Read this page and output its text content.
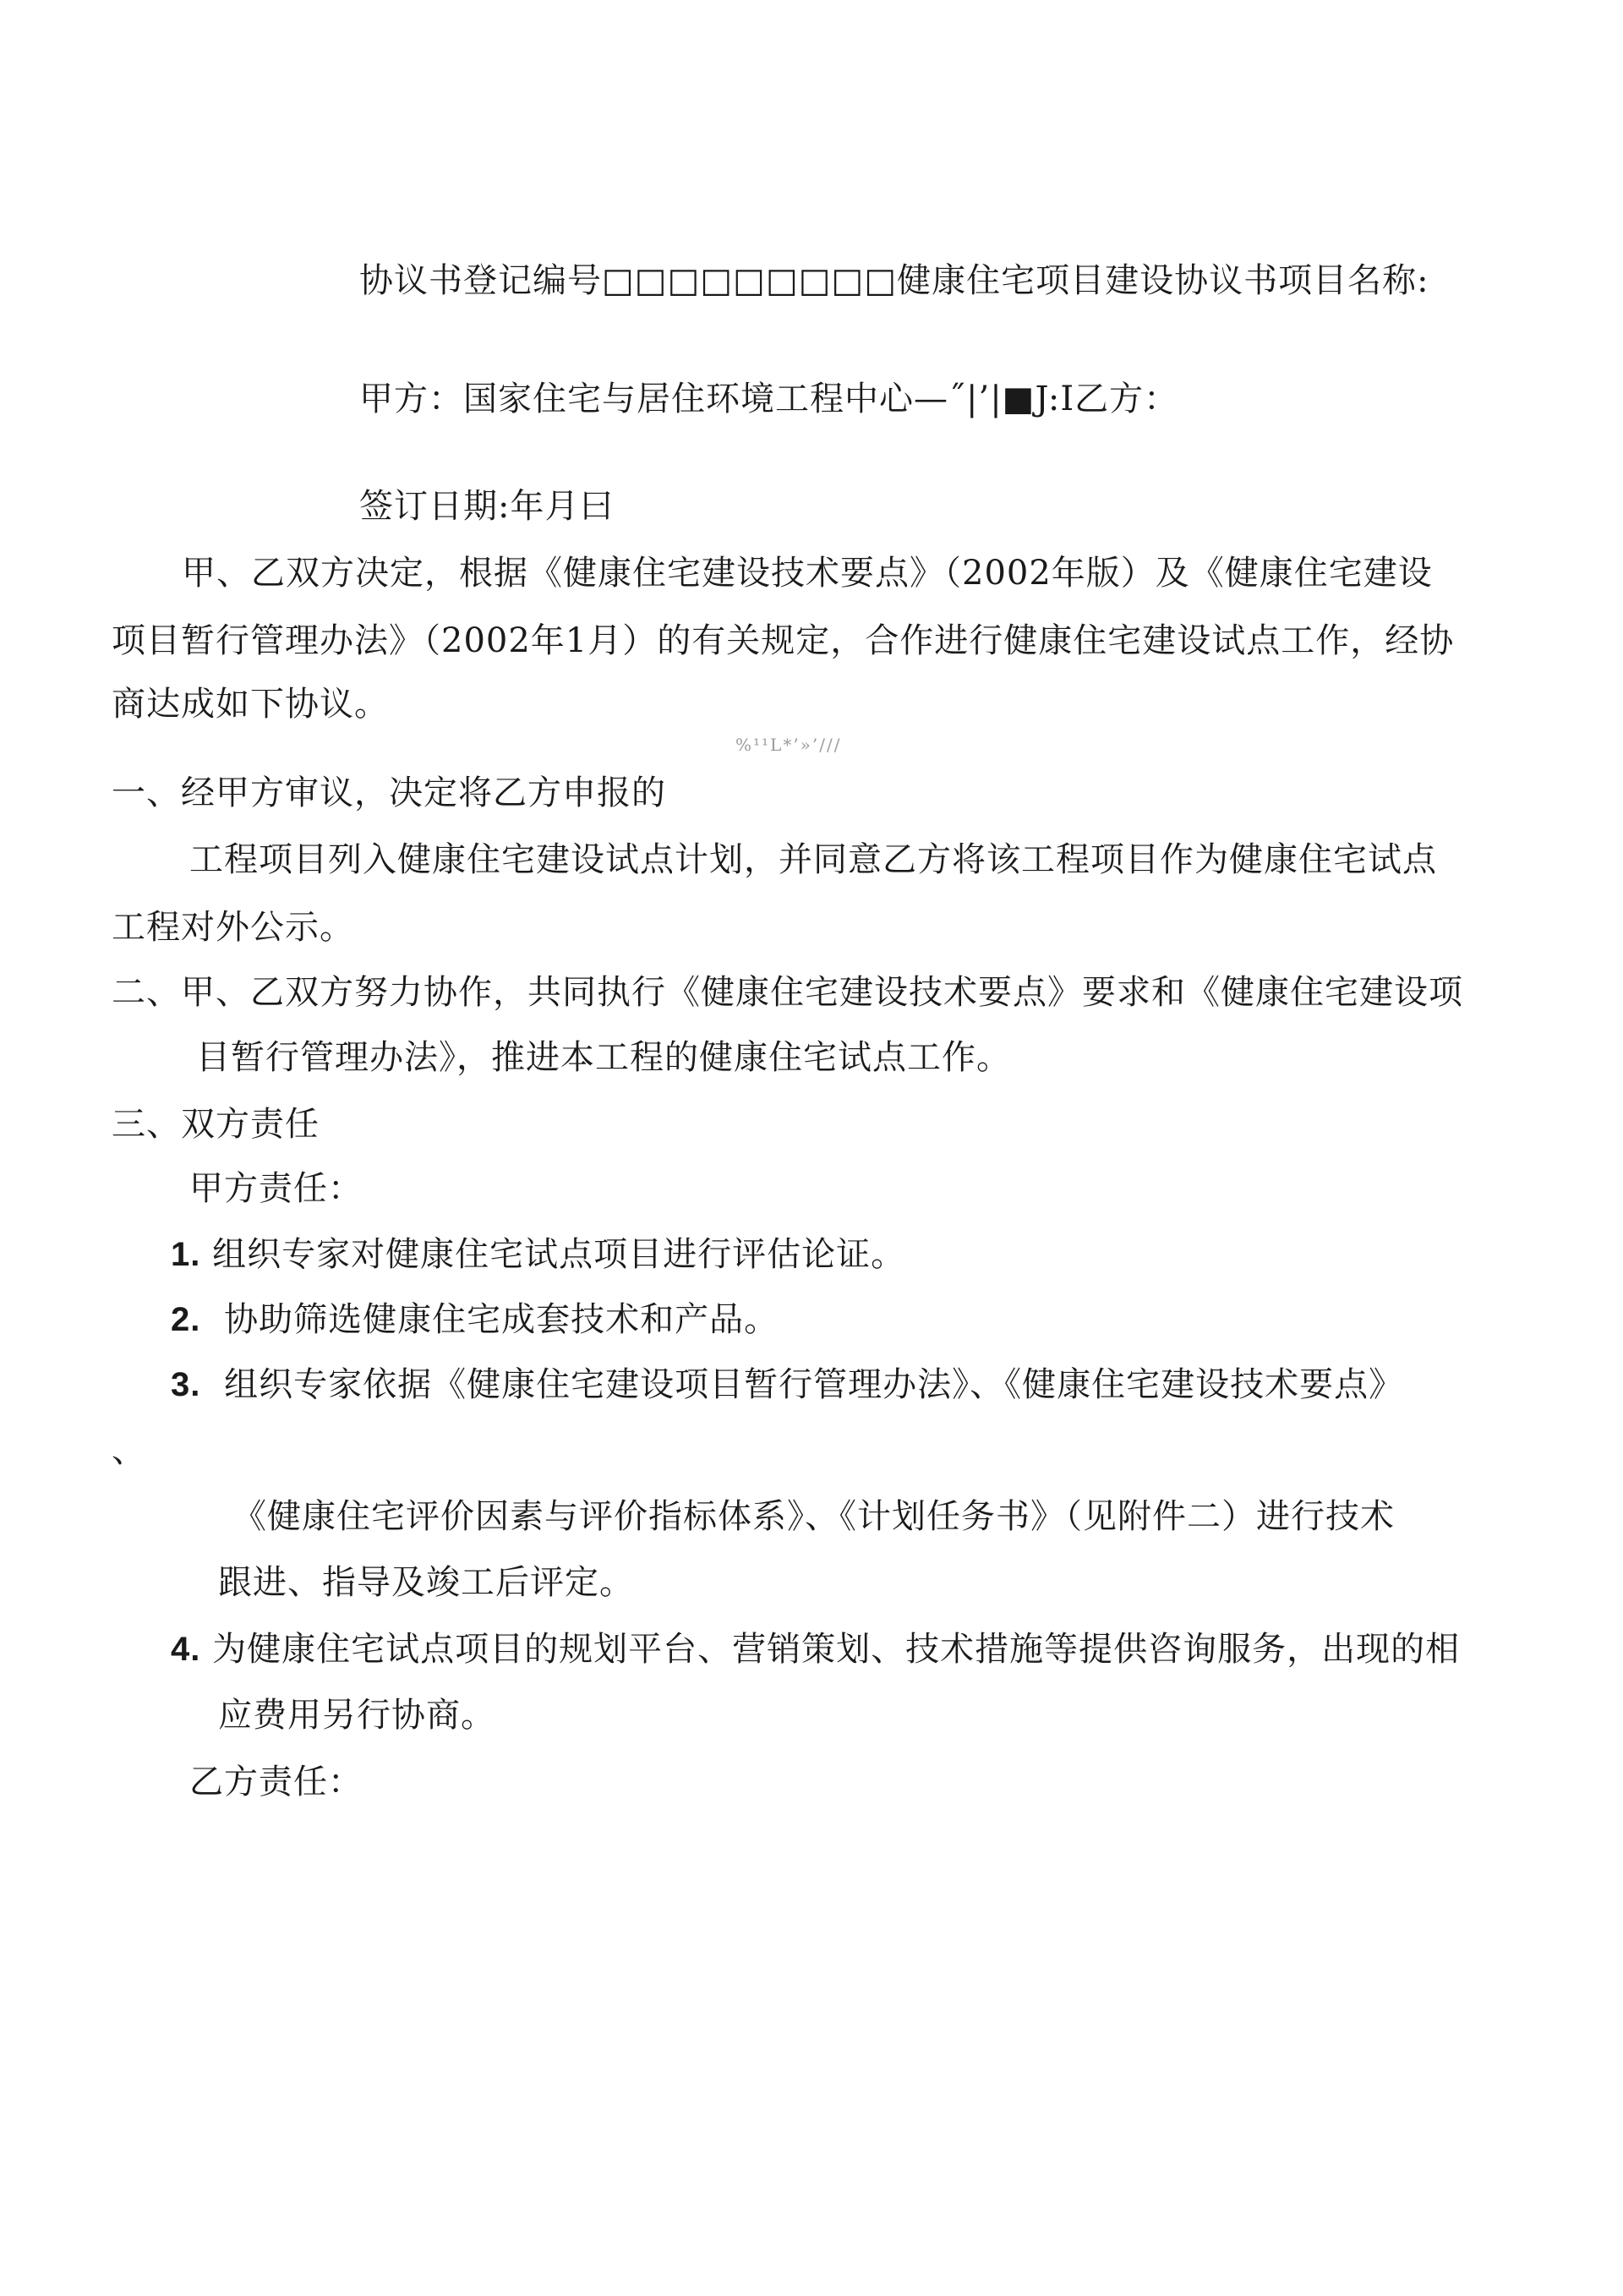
协议书登记编号□□□□□□□□□健康住宅项目建设协议书项目名称:
甲方：国家住宅与居住环境工程中心—˝|’|■J:I乙方：
签订日期:年月曰
甲、乙双方决定，根据《健康住宅建设技术要点》（2002年版）及《健康住宅建设
项目暂行管理办法》（2002年1月）的有关规定，合作进行健康住宅建设试点工作，经协
商达成如下协议。
%¹¹L*’»’///
一、经甲方审议，决定将乙方申报的
工程项目列入健康住宅建设试点计划，并同意乙方将该工程项目作为健康住宅试点
工程对外公示。
二、甲、乙双方努力协作，共同执行《健康住宅建设技术要点》要求和《健康住宅建设项
目暂行管理办法》，推进本工程的健康住宅试点工作。
三、双方责任
甲方责任：
1. 组织专家对健康住宅试点项目进行评估论证。
2. 协助筛选健康住宅成套技术和产品。
3. 组织专家依据《健康住宅建设项目暂行管理办法》、《健康住宅建设技术要点》
、
《健康住宅评价因素与评价指标体系》、《计划任务书》（见附件二）进行技术
跟进、指导及竣工后评定。
4. 为健康住宅试点项目的规划平台、营销策划、技术措施等提供咨询服务，出现的相
应费用另行协商。
乙方责任：
